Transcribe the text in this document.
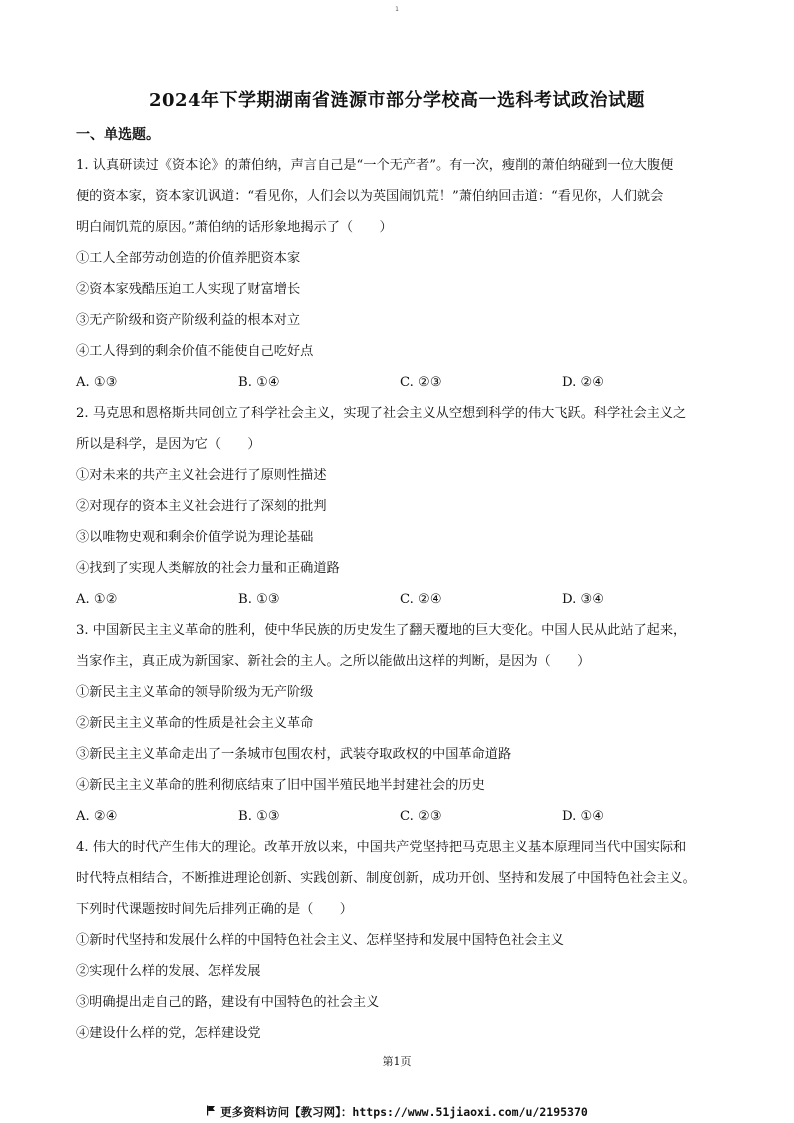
1
2024年下学期湖南省涟源市部分学校高一选科考试政治试题
一、单选题。

1. 认真研读过《资本论》的萧伯纳，声言自己是“一个无产者”。有一次，瘦削的萧伯纳碰到一位大腹便

便的资本家，资本家讥讽道：“看见你，人们会以为英国闹饥荒！”萧伯纳回击道：“看见你，人们就会

明白闹饥荒的原因。”萧伯纳的话形象地揭示了（　　）

①工人全部劳动创造的价值养肥资本家

②资本家残酷压迫工人实现了财富增长

③无产阶级和资产阶级利益的根本对立

④工人得到的剩余价值不能使自己吃好点

A. ①③	B. ①④	C. ②③	D. ②④

2. 马克思和恩格斯共同创立了科学社会主义，实现了社会主义从空想到科学的伟大飞跃。科学社会主义之

所以是科学，是因为它（　　）

①对未来的共产主义社会进行了原则性描述

②对现存的资本主义社会进行了深刻的批判

③以唯物史观和剩余价值学说为理论基础

④找到了实现人类解放的社会力量和正确道路

A. ①②	B. ①③	C. ②④	D. ③④

3. 中国新民主主义革命的胜利，使中华民族的历史发生了翻天覆地的巨大变化。中国人民从此站了起来，

当家作主，真正成为新国家、新社会的主人。之所以能做出这样的判断，是因为（　　）

①新民主主义革命的领导阶级为无产阶级

②新民主主义革命的性质是社会主义革命

③新民主主义革命走出了一条城市包围农村，武装夺取政权的中国革命道路

④新民主主义革命的胜利彻底结束了旧中国半殖民地半封建社会的历史

A. ②④	B. ①③	C. ②③	D. ①④

4. 伟大的时代产生伟大的理论。改革开放以来，中国共产党坚持把马克思主义基本原理同当代中国实际和

时代特点相结合，不断推进理论创新、实践创新、制度创新，成功开创、坚持和发展了中国特色社会主义。

下列时代课题按时间先后排列正确的是（　　）

①新时代坚持和发展什么样的中国特色社会主义、怎样坚持和发展中国特色社会主义

②实现什么样的发展、怎样发展

③明确提出走自己的路，建设有中国特色的社会主义

④建设什么样的党，怎样建设党

第1页
更多资料访问【教习网】：https://www.51jiaoxi.com/u/2195370
